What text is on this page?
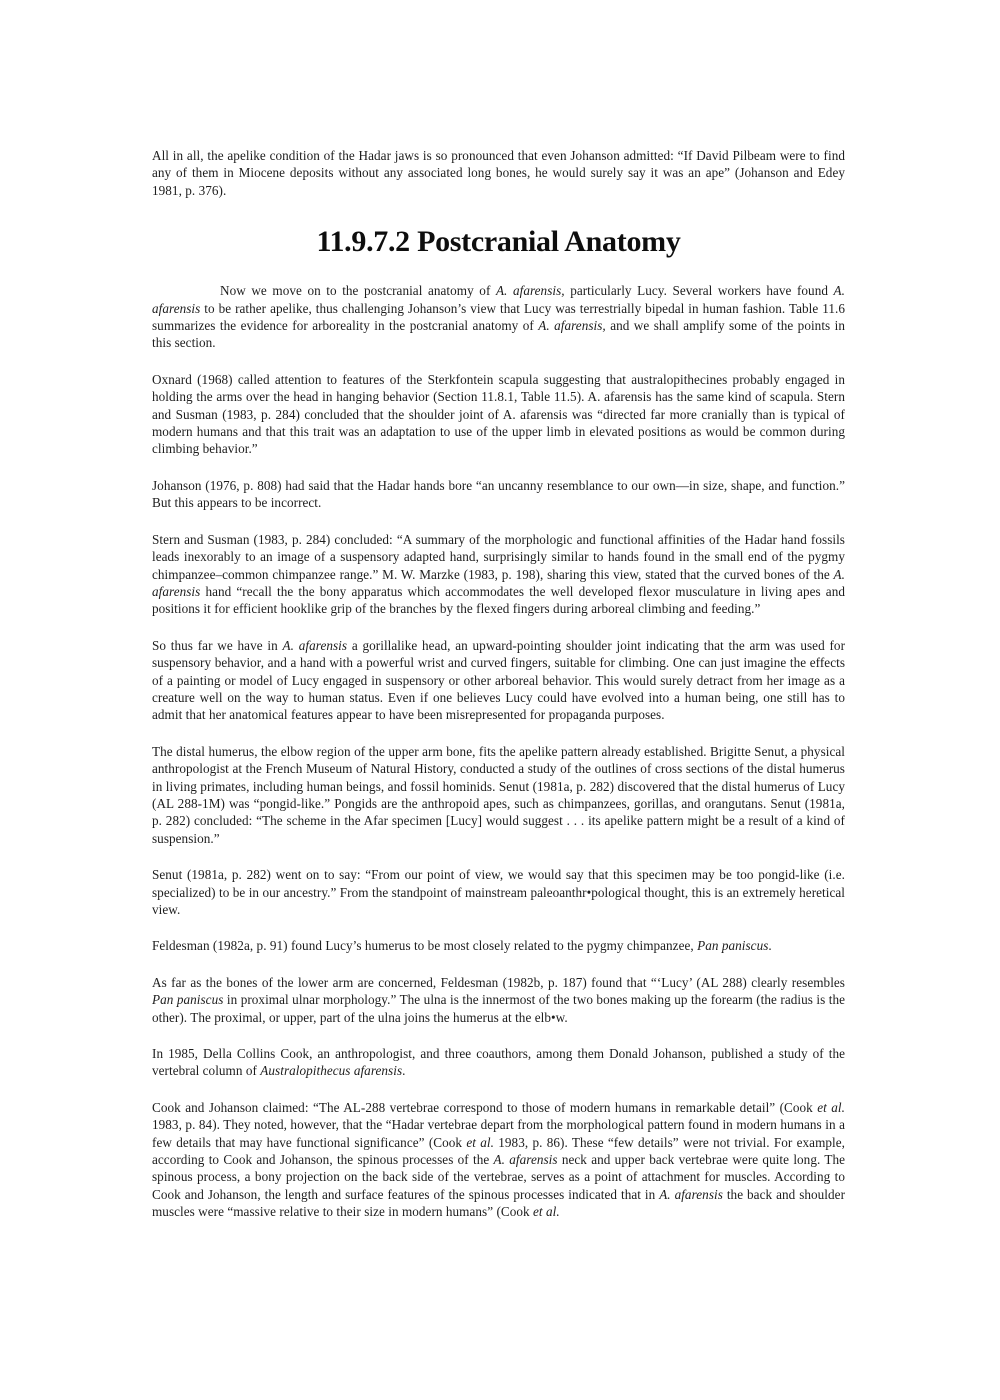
All in all, the apelike condition of the Hadar jaws is so pronounced that even Johanson admitted: “If David Pilbeam were to find any of them in Miocene deposits without any associated long bones, he would surely say it was an ape” (Johanson and Edey 1981, p. 376).

11.9.7.2 Postcranial Anatomy

Now we move on to the postcranial anatomy of A. afarensis, particularly Lucy. Several workers have found A. afarensis to be rather apelike, thus challenging Johanson’s view that Lucy was terrestrially bipedal in human fashion. Table 11.6 summarizes the evidence for arboreality in the postcranial anatomy of A. afarensis, and we shall amplify some of the points in this section.

Oxnard (1968) called attention to features of the Sterkfontein scapula suggesting that australopithecines probably engaged in holding the arms over the head in hanging behavior (Section 11.8.1, Table 11.5). A. afarensis has the same kind of scapula. Stern and Susman (1983, p. 284) concluded that the shoulder joint of A. afarensis was “directed far more cranially than is typical of modern humans and that this trait was an adaptation to use of the upper limb in elevated positions as would be common during climbing behavior.”

Johanson (1976, p. 808) had said that the Hadar hands bore “an uncanny resemblance to our own—in size, shape, and function.” But this appears to be incorrect.

Stern and Susman (1983, p. 284) concluded: “A summary of the morphologic and functional affinities of the Hadar hand fossils leads inexorably to an image of a suspensory adapted hand, surprisingly similar to hands found in the small end of the pygmy chimpanzee–common chimpanzee range.” M. W. Marzke (1983, p. 198), sharing this view, stated that the curved bones of the A. afarensis hand “recall the the bony apparatus which accommodates the well developed flexor musculature in living apes and positions it for efficient hooklike grip of the branches by the flexed fingers during arboreal climbing and feeding.”

So thus far we have in A. afarensis a gorillalike head, an upward-pointing shoulder joint indicating that the arm was used for suspensory behavior, and a hand with a powerful wrist and curved fingers, suitable for climbing. One can just imagine the effects of a painting or model of Lucy engaged in suspensory or other arboreal behavior. This would surely detract from her image as a creature well on the way to human status. Even if one believes Lucy could have evolved into a human being, one still has to admit that her anatomical features appear to have been misrepresented for propaganda purposes.

The distal humerus, the elbow region of the upper arm bone, fits the apelike pattern already established. Brigitte Senut, a physical anthropologist at the French Museum of Natural History, conducted a study of the outlines of cross sections of the distal humerus in living primates, including human beings, and fossil hominids. Senut (1981a, p. 282) discovered that the distal humerus of Lucy (AL 288-1M) was “pongid-like.” Pongids are the anthropoid apes, such as chimpanzees, gorillas, and orangutans. Senut (1981a, p. 282) concluded: “The scheme in the Afar specimen [Lucy] would suggest . . . its apelike pattern might be a result of a kind of suspension.”

Senut (1981a, p. 282) went on to say: “From our point of view, we would say that this specimen may be too pongid-like (i.e. specialized) to be in our ancestry.” From the standpoint of mainstream paleoanthr•pological thought, this is an extremely heretical view.

Feldesman (1982a, p. 91) found Lucy’s humerus to be most closely related to the pygmy chimpanzee, Pan paniscus.

As far as the bones of the lower arm are concerned, Feldesman (1982b, p. 187) found that “‘Lucy’ (AL 288) clearly resembles Pan paniscus in proximal ulnar morphology.” The ulna is the innermost of the two bones making up the forearm (the radius is the other). The proximal, or upper, part of the ulna joins the humerus at the elb•w.

In 1985, Della Collins Cook, an anthropologist, and three coauthors, among them Donald Johanson, published a study of the vertebral column of Australopithecus afarensis.

Cook and Johanson claimed: “The AL-288 vertebrae correspond to those of modern humans in remarkable detail” (Cook et al. 1983, p. 84). They noted, however, that the “Hadar vertebrae depart from the morphological pattern found in modern humans in a few details that may have functional significance” (Cook et al. 1983, p. 86). These “few details” were not trivial. For example, according to Cook and Johanson, the spinous processes of the A. afarensis neck and upper back vertebrae were quite long. The spinous process, a bony projection on the back side of the vertebrae, serves as a point of attachment for muscles. According to Cook and Johanson, the length and surface features of the spinous processes indicated that in A. afarensis the back and shoulder muscles were “massive relative to their size in modern humans” (Cook et al.
